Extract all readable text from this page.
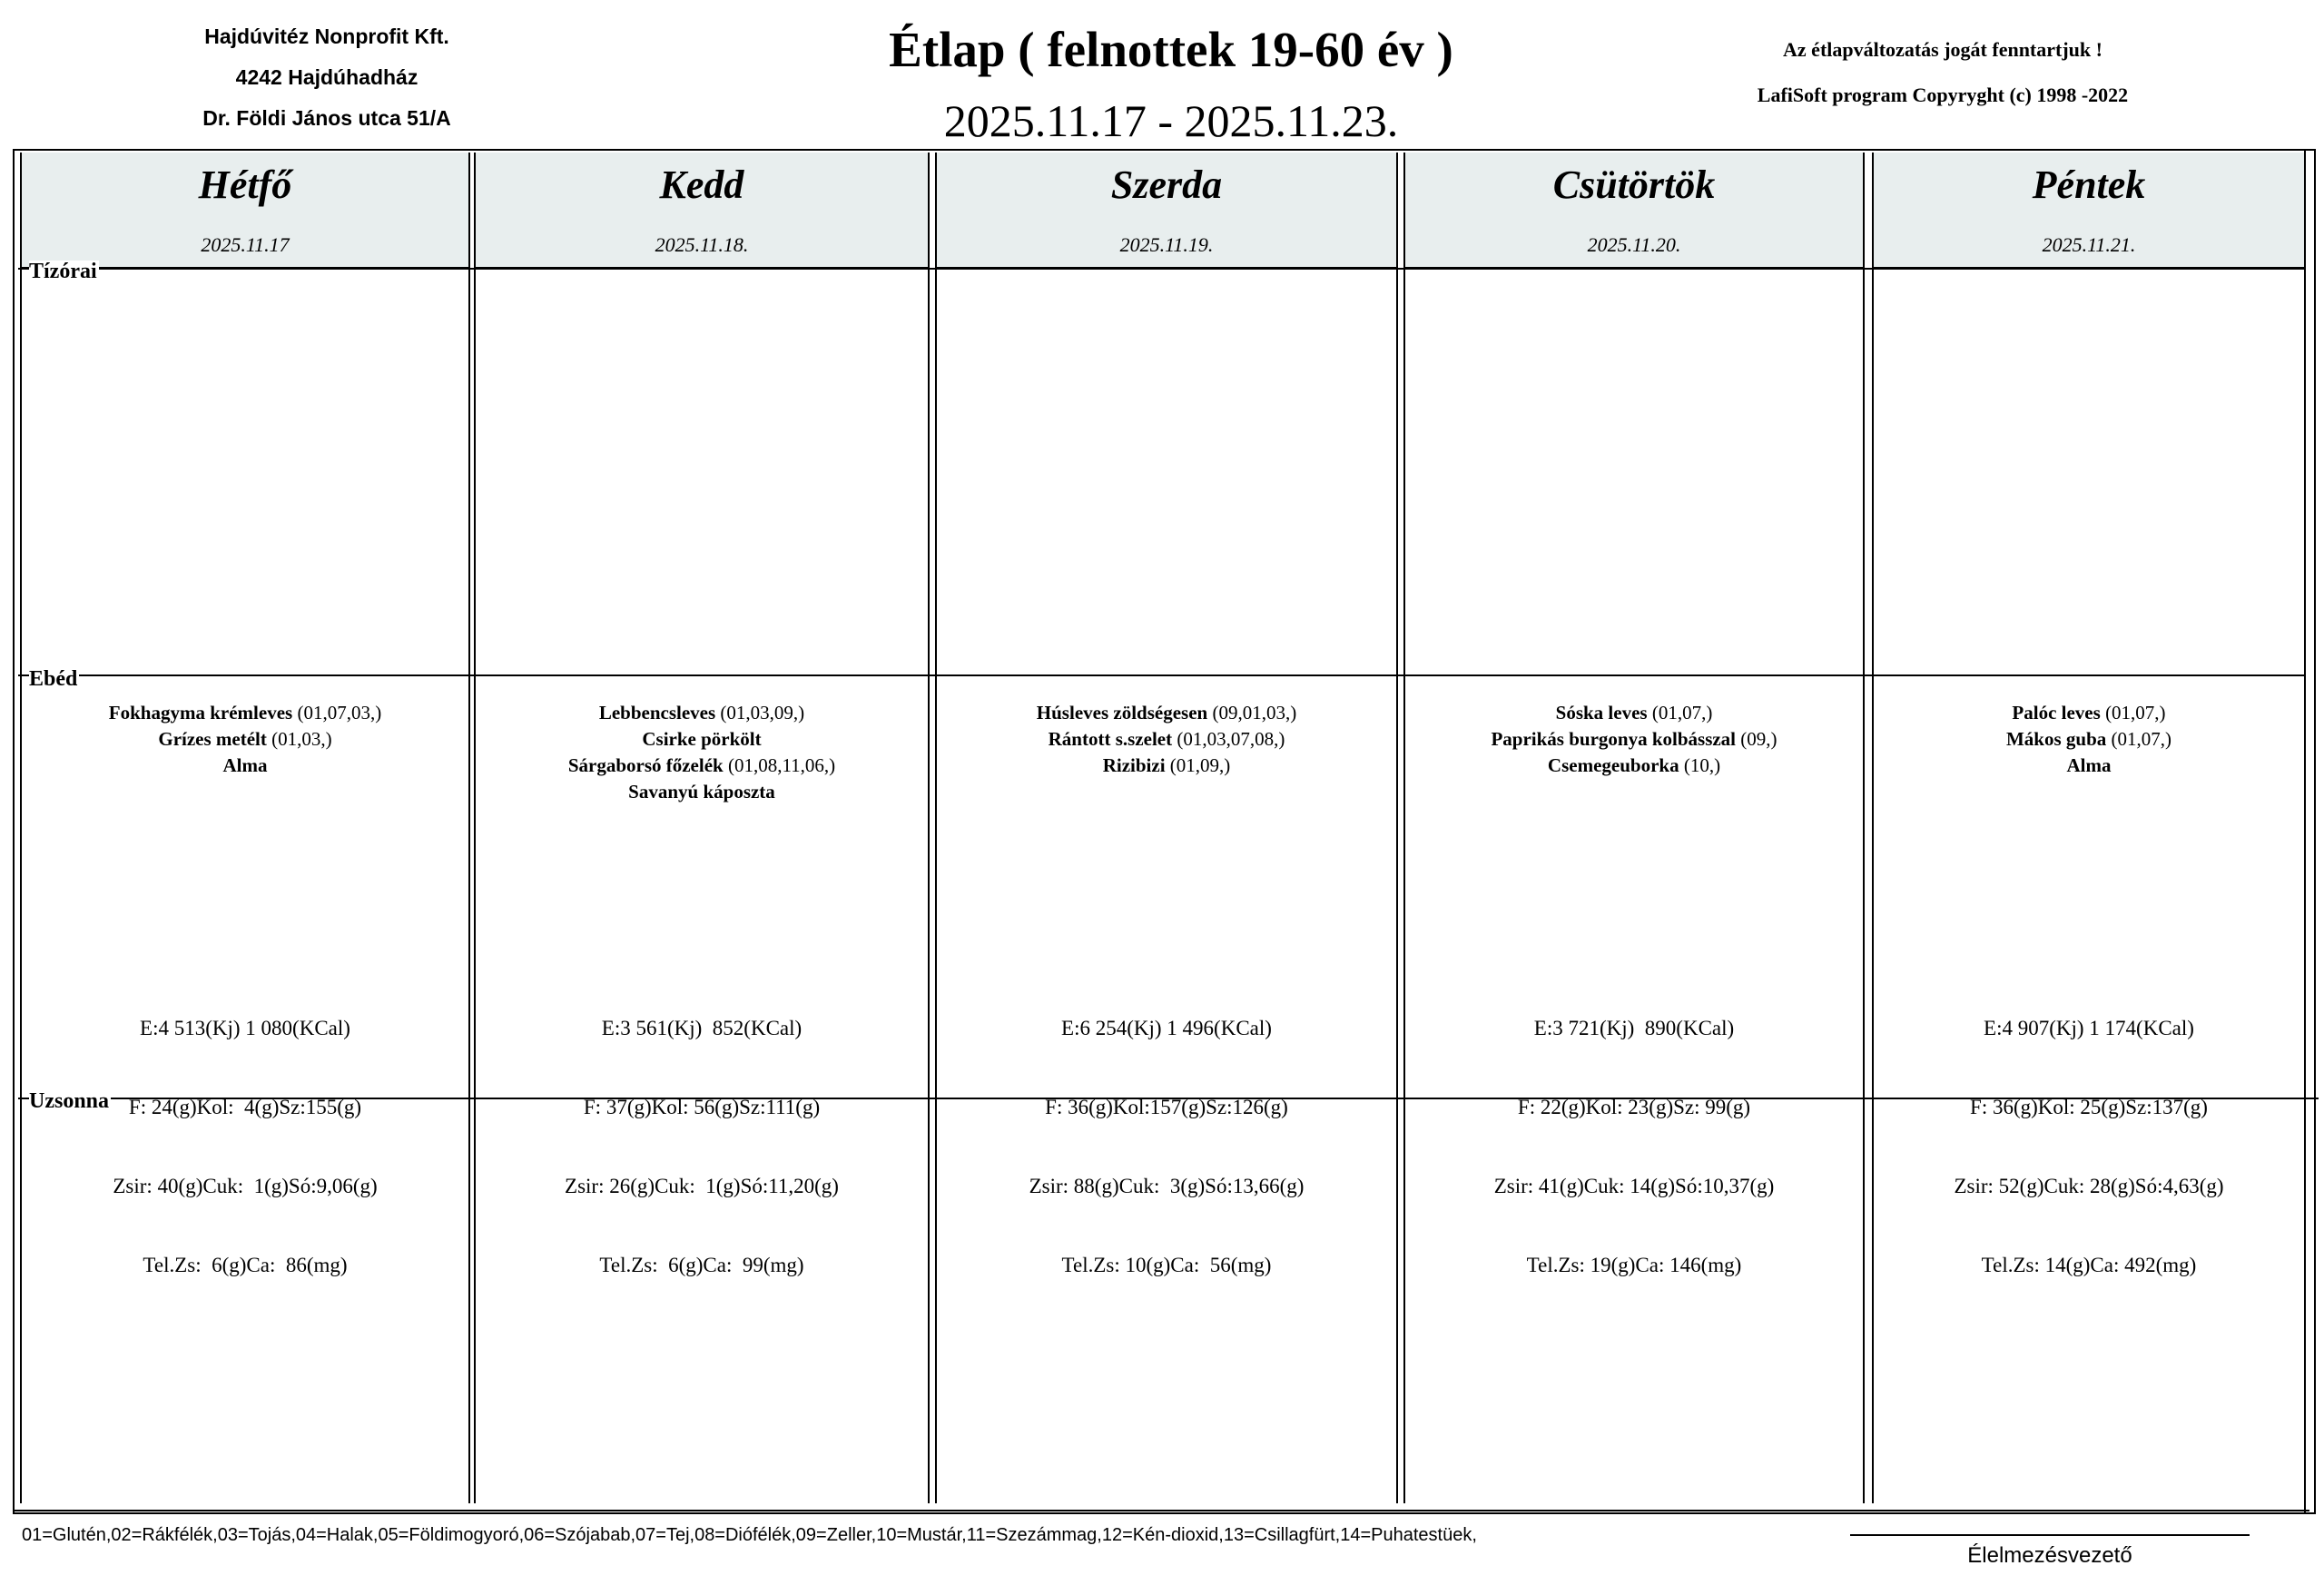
Hajdúvitéz Nonprofit Kft.
4242 Hajdúhadház
Dr. Földi János utca 51/A
Étlap ( felnottek 19-60 év )
2025.11.17 - 2025.11.23.
Az étlapváltozatás jogát fenntartjuk !
LafiSoft program Copyryght (c) 1998 -2022
Hétfő
2025.11.17
Kedd
2025.11.18.
Szerda
2025.11.19.
Csütörtök
2025.11.20.
Péntek
2025.11.21.
Tízórai
Ebéd
Uzsonna
Fokhagyma krémleves (01,07,03,)
Grízes metélt (01,03,)
Alma
Lebbencsleves (01,03,09,)
Csirke pörkölt
Sárgaborsó főzelék (01,08,11,06,)
Savanyú káposzta
Húsleves zöldségesen (09,01,03,)
Rántott s.szelet (01,03,07,08,)
Rizibizi (01,09,)
Sóska leves (01,07,)
Paprikás burgonya kolbásszal (09,)
Csemegeuborka (10,)
Palóc leves (01,07,)
Mákos guba (01,07,)
Alma

E:4 513(Kj) 1 080(KCal)

F: 24(g)Kol:  4(g)Sz:155(g)

Zsir: 40(g)Cuk:  1(g)Só:9,06(g)

Tel.Zs:  6(g)Ca:  86(mg)

E:3 561(Kj)  852(KCal)

F: 37(g)Kol: 56(g)Sz:111(g)

Zsir: 26(g)Cuk:  1(g)Só:11,20(g)

Tel.Zs:  6(g)Ca:  99(mg)

E:6 254(Kj) 1 496(KCal)

F: 36(g)Kol:157(g)Sz:126(g)

Zsir: 88(g)Cuk:  3(g)Só:13,66(g)

Tel.Zs: 10(g)Ca:  56(mg)

E:3 721(Kj)  890(KCal)

F: 22(g)Kol: 23(g)Sz: 99(g)

Zsir: 41(g)Cuk: 14(g)Só:10,37(g)

Tel.Zs: 19(g)Ca: 146(mg)

E:4 907(Kj) 1 174(KCal)

F: 36(g)Kol: 25(g)Sz:137(g)

Zsir: 52(g)Cuk: 28(g)Só:4,63(g)

Tel.Zs: 14(g)Ca: 492(mg)

01=Glutén,02=Rákfélék,03=Tojás,04=Halak,05=Földimogyoró,06=Szójabab,07=Tej,08=Diófélék,09=Zeller,10=Mustár,11=Szezámmag,12=Kén-dioxid,13=Csillagfürt,14=Puhatestüek,
Élelmezésvezető
